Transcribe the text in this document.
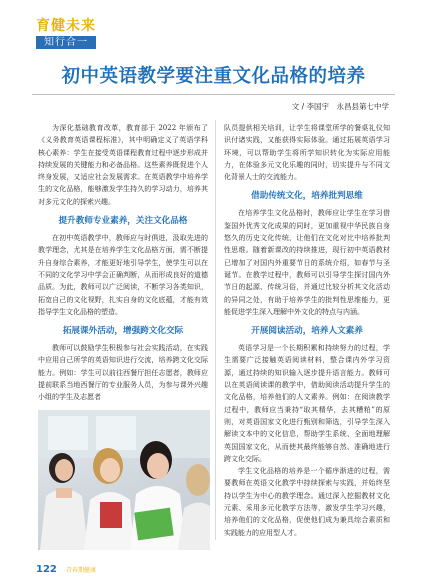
育健未来
知行合一
初中英语教学要注重文化品格的培养
文 / 李国宇　永昌县第七中学

为深化基础教育改革，教育部于 2022 年颁布了《义务教育英语课程标准》，其中明确定义了英语学科核心素养：学生在接受英语课程教育过程中逐步形成并持续发展的关键能力和必备品格。这些素养既促进个人终身发展，又适应社会发展需求。在英语教学中培养学生的文化品格，能够激发学生持久的学习动力，培养其对多元文化的探索兴趣。

提升教师专业素养，关注文化品格

在初中英语教学中，教师应与时俱进，汲取先进的教学理念，尤其是在培养学生文化品格方面，需不断提升自身综合素养，才能更好地引导学生，使学生可以在不同的文化学习中学会正确判断，从而形成良好的道德品质。为此，教师可以广泛阅读，不断学习各类知识，拓宽自己的文化视野，扎实自身的文化底蕴，才能有效指导学生文化品格的塑造。

拓展课外活动，增强跨文化交际

教师可以鼓励学生积极参与社会实践活动，在实践中应用自己所学的英语知识进行交流，培养跨文化交际能力。例如：学生可以前往西餐厅担任志愿者，教师应提前联系当地西餐厅的专业服务人员，为参与课外兴趣小组的学生及志愿者

队员提供相关培训，让学生将课堂所学的餐桌礼仪知识付诸实践，又能获得实际体验。通过拓展英语学习环境，可以帮助学生将所学知识转化为实际应用能力，在体验多元文化乐趣的同时，切实提升与不同文化背景人士的交流能力。

借助传统文化，培养批判思维

在培养学生文化品格时，教师应让学生在学习借鉴国外优秀文化成果的同时，更加重视中华民族自身悠久的历史文化传统，让他们在文化对比中培养批判性思维。随着新课改的持续推进，现行初中英语教材已增加了对国内外重要节日的系统介绍，如春节与圣诞节。在教学过程中，教师可以引导学生探讨国内外节日的起源、传统习俗，并通过比较分析其文化活动的异同之处，有助于培养学生的批判性思维能力，更能促进学生深入理解中外文化的特点与内涵。

开展阅读活动，培养人文素养

英语学习是一个长期积累和持续努力的过程，学生需要广泛接触英语阅读材料，整合课内外学习资源，通过持续的知识输入逐步提升语言能力。教师可以在英语阅读课的教学中，借助阅读活动提升学生的文化品格，培养他们的人文素养。例如：在阅读教学过程中，教师应当秉持“取其精华，去其糟粕”的原则，对英语国家文化进行甄别和筛选，引导学生深入解读文本中的文化信息，帮助学生系统、全面地理解英国国家文化，从而使其最终能够自然、准确地进行跨文化交际。

学生文化品格的培养是一个循序渐进的过程，需要教师在英语文化教学中持续探索与实践，并始终坚持以学生为中心的教学理念。通过深入挖掘教材文化元素、采用多元化教学方法等，激发学生学习兴趣，培养他们的文化品格，促使他们成为兼具综合素质和实践能力的应用型人才。

122 青春期健康
